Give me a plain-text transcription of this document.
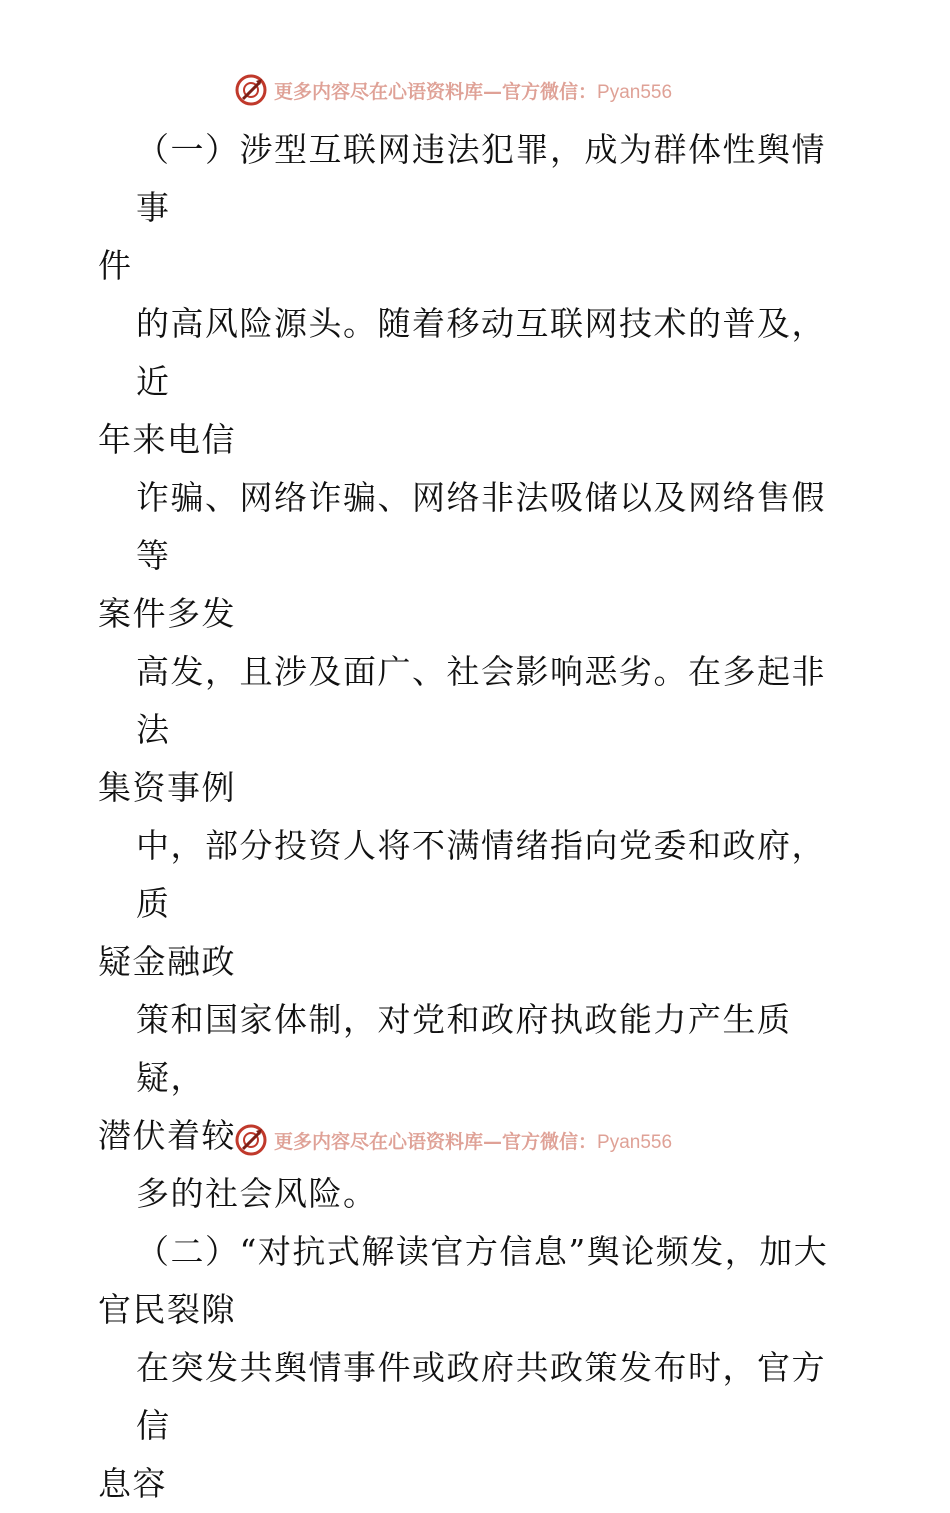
更多内容尽在心语资料库—官方微信：Pyan556

（一）涉型互联网违法犯罪，成为群体性舆情事
件

的高风险源头。随着移动互联网技术的普及，近
年来电信

诈骗、网络诈骗、网络非法吸储以及网络售假等
案件多发

高发，且涉及面广、社会影响恶劣。在多起非法
集资事例

中，部分投资人将不满情绪指向党委和政府，质
疑金融政

策和国家体制，对党和政府执政能力产生质疑，
潜伏着较

多的社会风险。

（二）“对抗式解读官方信息”舆论频发，加大
官民裂隙

在突发共舆情事件或政府共政策发布时，官方信
息容

更多内容尽在心语资料库—官方微信：Pyan556
